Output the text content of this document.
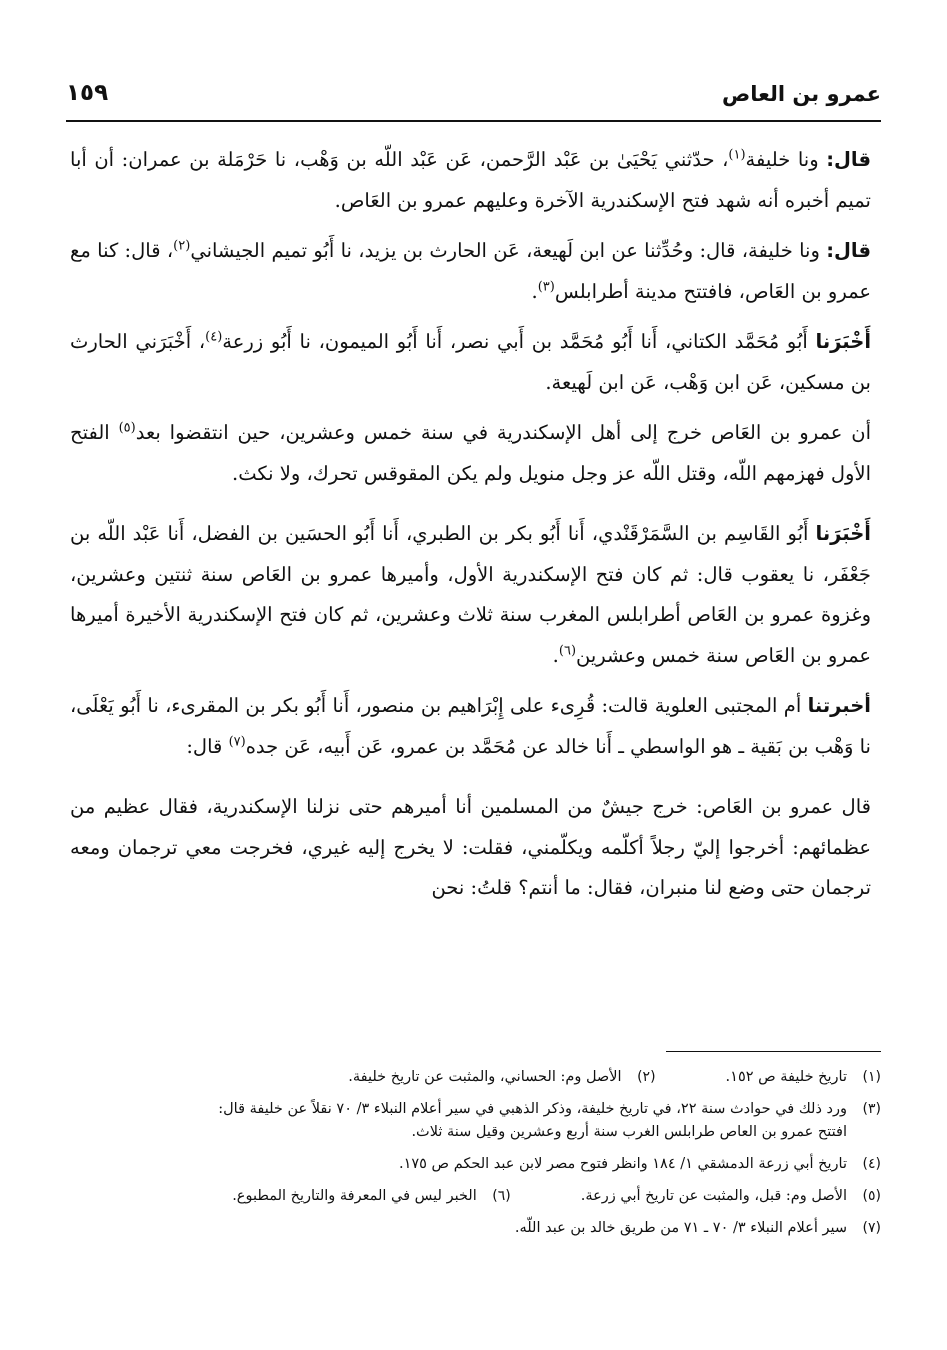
عمرو بن العاص
١٥٩

قال: ونا خليفة$^{(١)}$، حدّثني يَحْيَىٰ بن عَبْد الرَّحمن، عَن عَبْد اللّه بن وَهْب، نا حَرْمَلة بن عمران: أن أبا تميم أخبره أنه شهد فتح الإسكندرية الآخرة وعليهم عمرو بن العَاص.

قال: ونا خليفة، قال: وحُدِّثنا عن ابن لَهيعة، عَن الحارث بن يزيد، نا أَبُو تميم الجيشاني$^{(٢)}$، قال: كنا مع عمرو بن العَاص، فافتتح مدينة أطرابلس$^{(٣)}$.

أَخْبَرَنا أَبُو مُحَمَّد الكتاني، أَنا أَبُو مُحَمَّد بن أَبي نصر، أَنا أَبُو الميمون، نا أَبُو زرعة$^{(٤)}$، أَخْبَرَني الحارث بن مسكين، عَن ابن وَهْب، عَن ابن لَهيعة.

أن عمرو بن العَاص خرج إلى أهل الإسكندرية في سنة خمس وعشرين، حين انتقضوا بعد$^{(٥)}$ الفتح الأول فهزمهم اللّه، وقتل اللّه عز وجل منويل ولم يكن المقوقس تحرك، ولا نكث.

أَخْبَرَنا أَبُو القَاسِم بن السَّمَرْقَنْدي، أَنا أَبُو بكر بن الطبري، أَنا أَبُو الحسَين بن الفضل، أَنا عَبْد اللّه بن جَعْفَر، نا يعقوب قال: ثم كان فتح الإسكندرية الأول، وأميرها عمرو بن العَاص سنة ثنتين وعشرين، وغزوة عمرو بن العَاص أطرابلس المغرب سنة ثلاث وعشرين، ثم كان فتح الإسكندرية الأخيرة أميرها عمرو بن العَاص سنة خمس وعشرين$^{(٦)}$.

أخبرتنا أم المجتبى العلوية قالت: قُرِىء على إِبْرَاهيم بن منصور، أَنا أَبُو بكر بن المقرىء، نا أَبُو يَعْلَى، نا وَهْب بن بَقية ـ هو الواسطي ـ أَنا خالد عن مُحَمَّد بن عمرو، عَن أَبيه، عَن جده$^{(٧)}$ قال:

قال عمرو بن العَاص: خرج جيشٌ من المسلمين أنا أميرهم حتى نزلنا الإسكندرية، فقال عظيم من عظمائهم: أخرجوا إليّ رجلاً أكلّمه ويكلّمني، فقلت: لا يخرج إليه غيري، فخرجت معي ترجمان ومعه ترجمان حتى وضع لنا منبران، فقال: ما أنتم؟ قلتُ: نحن

(١)
تاريخ خليفة ص ١٥٢.
(٢)
الأصل وم: الحساني، والمثبت عن تاريخ خليفة.
(٣)
ورد ذلك في حوادث سنة ٢٢، في تاريخ خليفة، وذكر الذهبي في سير أعلام النبلاء ٣/ ٧٠ نقلاً عن خليفة قال:
افتتح عمرو بن العاص طرابلس الغرب سنة أربع وعشرين وقيل سنة ثلاث.
(٤)
تاريخ أبي زرعة الدمشقي ١/ ١٨٤ وانظر فتوح مصر لابن عبد الحكم ص ١٧٥.
(٥)
الأصل وم: قبل، والمثبت عن تاريخ أبي زرعة.
(٦)
الخبر ليس في المعرفة والتاريخ المطبوع.
(٧)
سير أعلام النبلاء ٣/ ٧٠ ـ ٧١ من طريق خالد بن عبد اللّه.
